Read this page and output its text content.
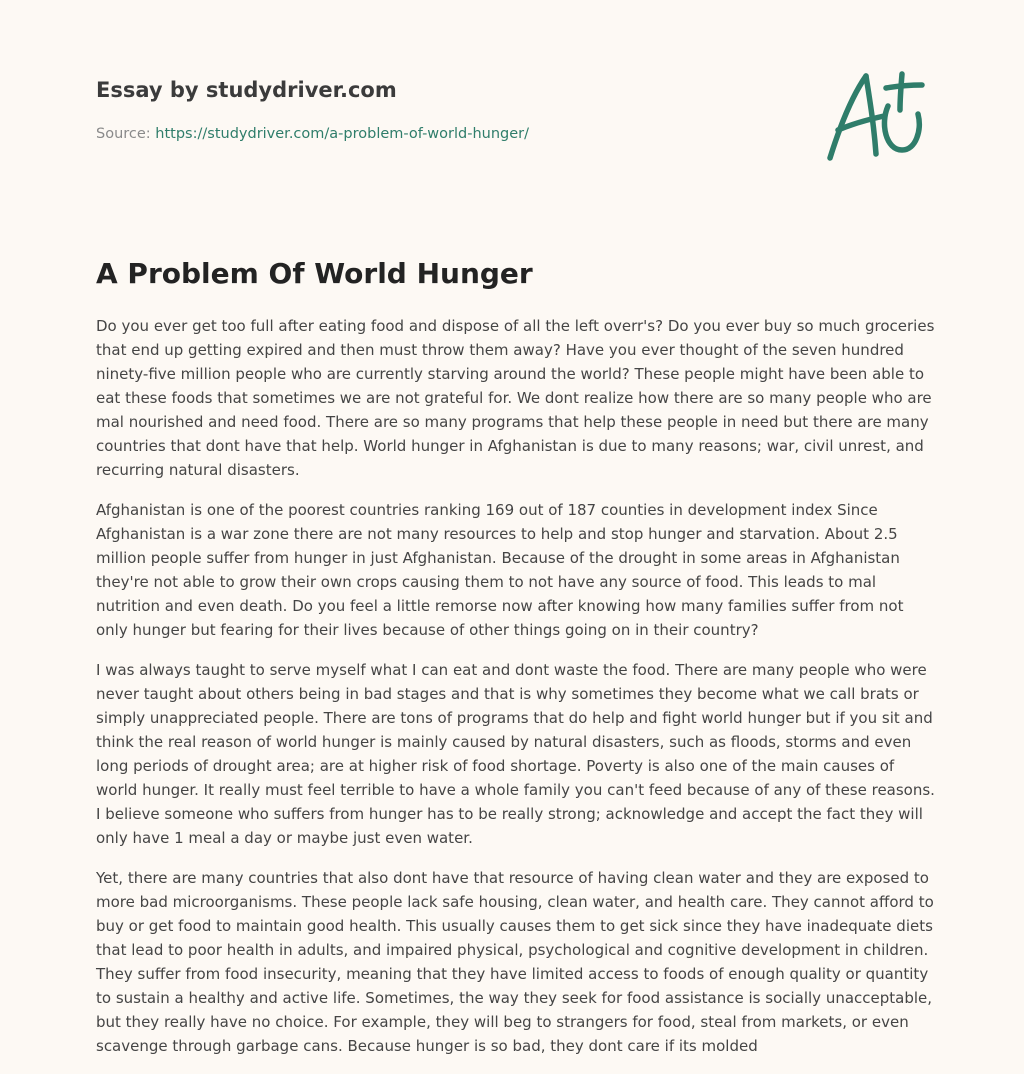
Essay by studydriver.com
Source: https://studydriver.com/a-problem-of-world-hunger/
A Problem Of World Hunger

Do you ever get too full after eating food and dispose of all the left overr's? Do you ever buy so much groceries that end up getting expired and then must throw them away? Have you ever thought of the seven hundred ninety-five million people who are currently starving around the world? These people might have been able to eat these foods that sometimes we are not grateful for. We dont realize how there are so many people who are mal nourished and need food. There are so many programs that help these people in need but there are many countries that dont have that help. World hunger in Afghanistan is due to many reasons; war, civil unrest, and recurring natural disasters.

Afghanistan is one of the poorest countries ranking 169 out of 187 counties in development index Since Afghanistan is a war zone there are not many resources to help and stop hunger and starvation. About 2.5 million people suffer from hunger in just Afghanistan. Because of the drought in some areas in Afghanistan they're not able to grow their own crops causing them to not have any source of food. This leads to mal nutrition and even death. Do you feel a little remorse now after knowing how many families suffer from not only hunger but fearing for their lives because of other things going on in their country?

I was always taught to serve myself what I can eat and dont waste the food. There are many people who were never taught about others being in bad stages and that is why sometimes they become what we call brats or simply unappreciated people. There are tons of programs that do help and fight world hunger but if you sit and think the real reason of world hunger is mainly caused by natural disasters, such as floods, storms and even long periods of drought area; are at higher risk of food shortage. Poverty is also one of the main causes of world hunger. It really must feel terrible to have a whole family you can't feed because of any of these reasons. I believe someone who suffers from hunger has to be really strong; acknowledge and accept the fact they will only have 1 meal a day or maybe just even water.

Yet, there are many countries that also dont have that resource of having clean water and they are exposed to more bad microorganisms. These people lack safe housing, clean water, and health care. They cannot afford to buy or get food to maintain good health. This usually causes them to get sick since they have inadequate diets that lead to poor health in adults, and impaired physical, psychological and cognitive development in children. They suffer from food insecurity, meaning that they have limited access to foods of enough quality or quantity to sustain a healthy and active life. Sometimes, the way they seek for food assistance is socially unacceptable, but they really have no choice. For example, they will beg to strangers for food, steal from markets, or even scavenge through garbage cans. Because hunger is so bad, they dont care if its molded
